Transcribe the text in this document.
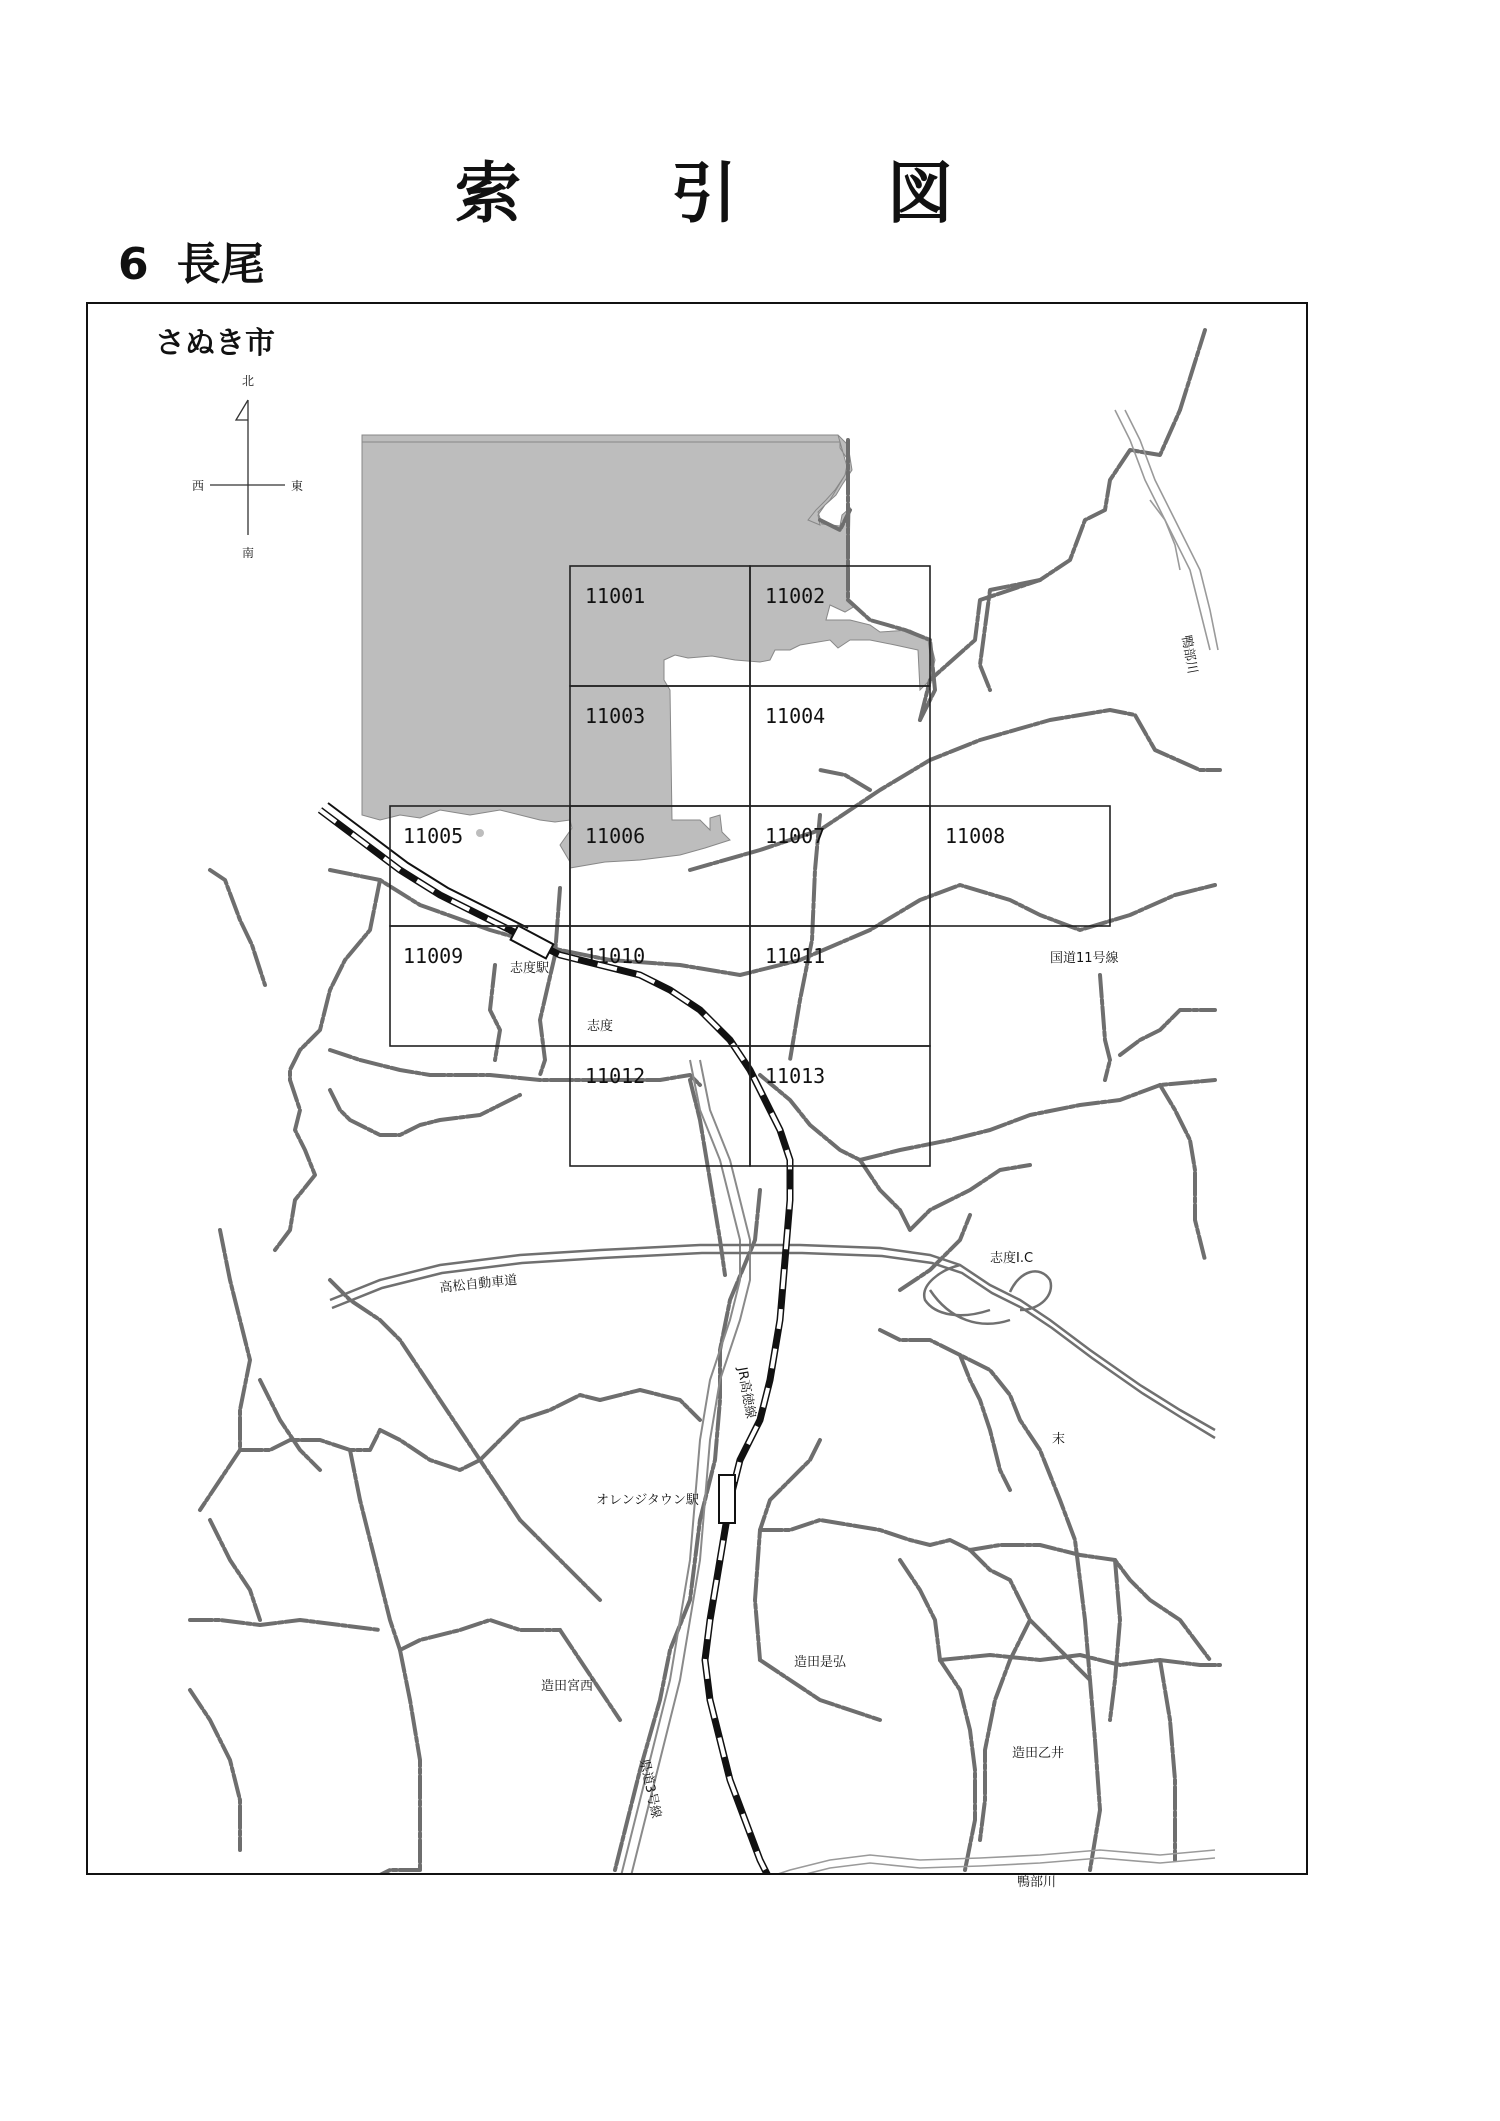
索 引 図
6 長尾
さぬき市
11001	11002
11003	11004
11005	11006	11007	11008
11009	11010	11011
11012	11013
北
南
東
西
志度駅
志度
国道11号線
志度I.C
高松自動車道
JR高徳線
オレンジタウン駅
末
造田宮西
造田是弘
造田乙井
県道3号線
鴨部川
鴨部川
